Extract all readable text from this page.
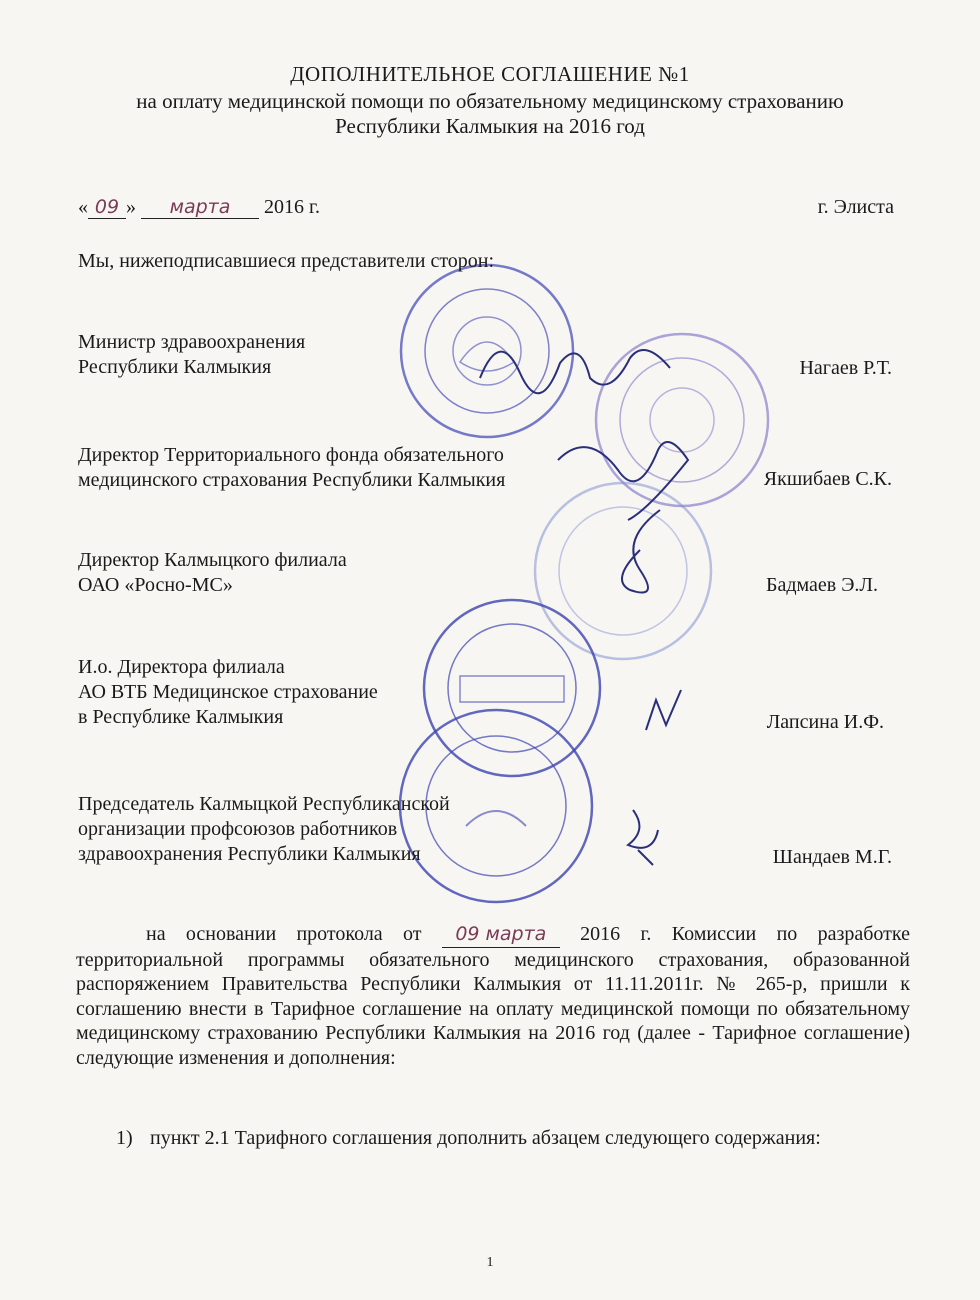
ДОПОЛНИТЕЛЬНОЕ СОГЛАШЕНИЕ №1
на оплату медицинской помощи по обязательному медицинскому страхованию
Республики Калмыкия на 2016 год
« 09 » марта 2016 г.	г. Элиста
Мы, нижеподписавшиеся представители сторон:
Министр здравоохранения
Республики Калмыкия	Нагаев Р.Т.
Директор Территориального фонда обязательного
медицинского страхования Республики Калмыкия	Якшибаев С.К.
Директор Калмыцкого филиала
ОАО «Росно-МС»	Бадмаев Э.Л.
И.о. Директора филиала
АО ВТБ Медицинское страхование
в Республике Калмыкия	Лапсина И.Ф.
Председатель Калмыцкой Республиканской
организации профсоюзов работников
здравоохранения Республики Калмыкия	Шандаев М.Г.
на основании протокола от 09 марта 2016 г. Комиссии по разработке территориальной программы обязательного медицинского страхования, образованной распоряжением Правительства Республики Калмыкия от 11.11.2011г. № 265-р, пришли к соглашению внести в Тарифное соглашение на оплату медицинской помощи по обязательному медицинскому страхованию Республики Калмыкия на 2016 год (далее - Тарифное соглашение) следующие изменения и дополнения:
1) пункт 2.1 Тарифного соглашения дополнить абзацем следующего содержания:
1
